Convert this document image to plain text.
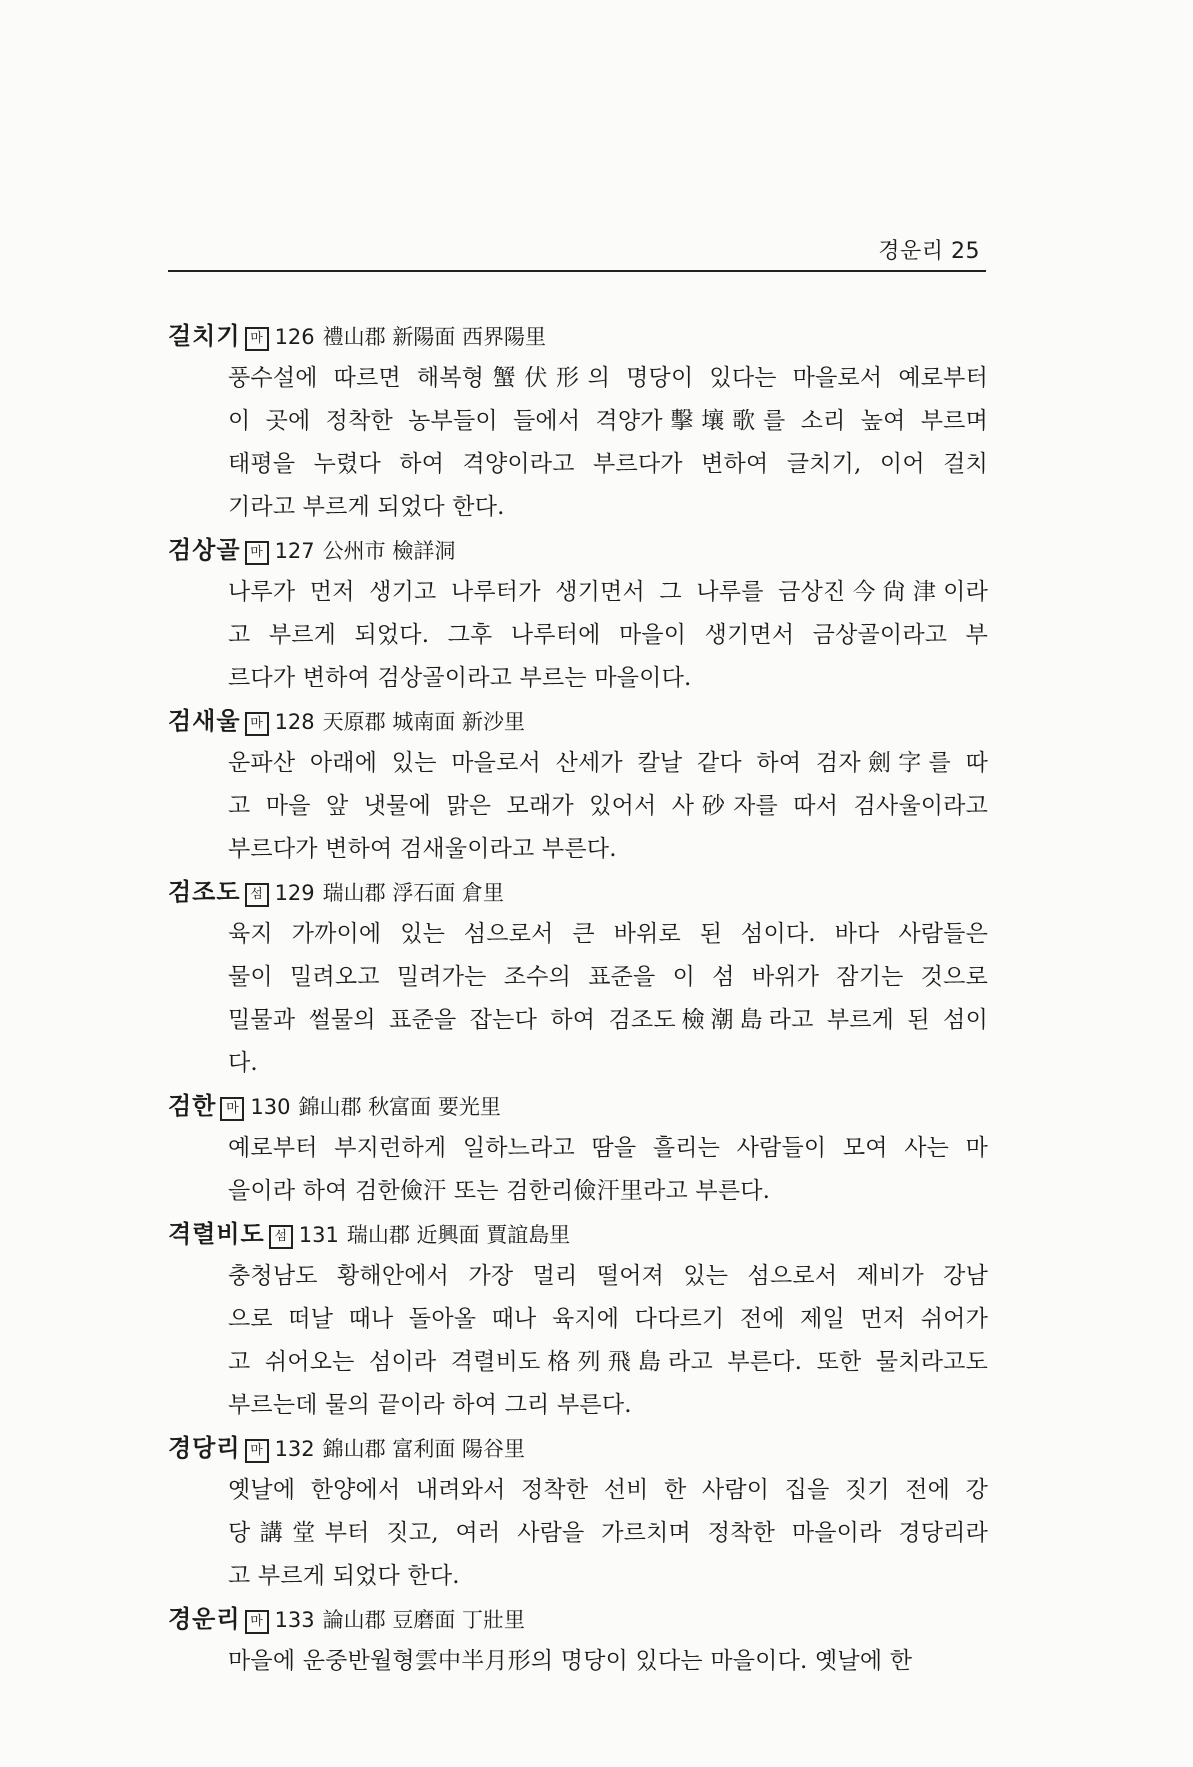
경운리 25
걸치기 마 126 禮山郡 新陽面 西界陽里
풍수설에 따르면 해복형蟹伏形의 명당이 있다는 마을로서 예로부터
이 곳에 정착한 농부들이 들에서 격양가擊壤歌를 소리 높여 부르며
태평을 누렸다 하여 격양이라고 부르다가 변하여 글치기, 이어 걸치
기라고 부르게 되었다 한다.
검상골 마 127 公州市 檢詳洞
나루가 먼저 생기고 나루터가 생기면서 그 나루를 금상진今尙津이라
고 부르게 되었다. 그후 나루터에 마을이 생기면서 금상골이라고 부
르다가 변하여 검상골이라고 부르는 마을이다.
검새울 마 128 天原郡 城南面 新沙里
운파산 아래에 있는 마을로서 산세가 칼날 같다 하여 검자劍字를 따
고 마을 앞 냇물에 맑은 모래가 있어서 사砂자를 따서 검사울이라고
부르다가 변하여 검새울이라고 부른다.
검조도 섬 129 瑞山郡 浮石面 倉里
육지 가까이에 있는 섬으로서 큰 바위로 된 섬이다. 바다 사람들은
물이 밀려오고 밀려가는 조수의 표준을 이 섬 바위가 잠기는 것으로
밀물과 썰물의 표준을 잡는다 하여 검조도檢潮島라고 부르게 된 섬이
다.
검한 마 130 錦山郡 秋富面 要光里
예로부터 부지런하게 일하느라고 땀을 흘리는 사람들이 모여 사는 마
을이라 하여 검한儉汗 또는 검한리儉汗里라고 부른다.
격렬비도 섬 131 瑞山郡 近興面 賈誼島里
충청남도 황해안에서 가장 멀리 떨어져 있는 섬으로서 제비가 강남
으로 떠날 때나 돌아올 때나 육지에 다다르기 전에 제일 먼저 쉬어가
고 쉬어오는 섬이라 격렬비도格列飛島라고 부른다. 또한 물치라고도
부르는데 물의 끝이라 하여 그리 부른다.
경당리 마 132 錦山郡 富利面 陽谷里
옛날에 한양에서 내려와서 정착한 선비 한 사람이 집을 짓기 전에 강
당講堂부터 짓고, 여러 사람을 가르치며 정착한 마을이라 경당리라
고 부르게 되었다 한다.
경운리 마 133 論山郡 豆磨面 丁壯里
마을에 운중반월형雲中半月形의 명당이 있다는 마을이다. 옛날에 한
